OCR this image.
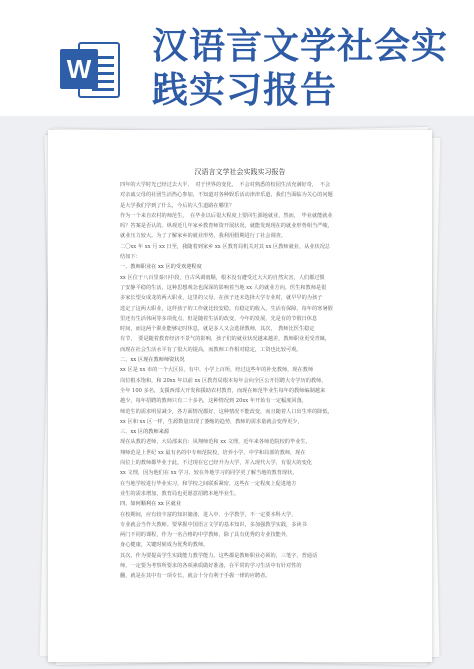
W
汉语言文学社会实践实习报告
汉语言文学社会实践实习报告

四年的大学时光已经过去大半，　对于世界的变化，　不会对熟悉的校园生活充满好奇，　不会

对亲戚父母的社团生活热心参加，不知道对各种娱乐活动津津乐道，我们当面临为关心的问题

是大学我们学到了什么，今后的人生道路在哪里？

作为一个来自农村的师范生，　在毕业以后很大程度上要回生源地就业，然而，　毕业就能就业

吗？答案是否认的。纵观近几年家乡教育师资开展状况，就能发现现在的就业形势相当严峻，

就业压力较大。为了了解家乡的就业形势，我利用假期进行了社会调查。

二〇xx 年 xx 月 xx 日至，我随着到家乡 xx 区教育局机关对其 xx 区教师就业，从业状况总

结如下：

一、教师职业在 xx 区的受欢迎程度

xx 区位于八百里秦川中段，自古风调雨顺，根本没有遭受过大大的自然灾害，人们都过惯

了安静平稳的生活，这种思想观念也深深的影响着当地 xx 人的就业方向。医生和教师是很

多家长望女成龙的两大职业，这里的父母，在孩子还未选择大学专业时，就早早的为孩子

选定了这两大职业，这样孩子的工作就比较安稳。有稳定的收入，生活有保障，每年的寒暑假

里还有生活休闲等多项优点，但是随着生活的改变，今年的发展，先是有的节假日休息

时间，而这两个职业能够定时休息，就是多人又会选择教师，其次，　教师比医生稳定

有节，　要是随着教育经济不景气的影响，孩子们的就业状况越来越差，教师职业更受青睐，

而现在社会生活水平有了很大的提高，而教师工作相对稳定，工资也比较可观。

二、xx 区现在教师师资状况

xx 区是 xx 市的一个大区县，有中、小学上百所，经过这些年的补充教师，现在教师

岗位根本饱和，和 20xx 年以前 xx 区教育局根本每年会向全区公开招聘大专学历的教师，

全年 100 多名，支援西部大开发和援助农村教育，而现在师范毕业生每年的教师编制越来

越少，每年招聘的教师只有二十多名，这种情况到 20xx 年开始有一定幅度回落，

师范生的需求明显减少，各方面情况都好，这种情况不能改变，而且随着人口出生率的降低，

xx 区和 xx 区一样，生源数量出现了萎缩的趋势，教师的需求量就会变得更少，

三、xx 区的教师来源

现在从教的老师，大局部来自：凤翔师范和 xx 文理，近年来各师范院校的毕业生，

翔师范是上世纪 xx 最有名的中专师范院校，培养小学、中学和局部的教师，现在

岗位上的教师都毕业于此，不过现在它已经升为大学，并入现代大学，有很大的变化

xx 文理，因为他们在 xx 学习，较在外地学习的同学更了解当地的教育现状，

在当地学校进行毕业实习，和学校之间联系紧密，这些在一定程度上促进地方

业生的需求增加，教育局也更愿意招聘本地毕业生。

四、如何顺利在 xx 区就业

在校期间，应有较丰富的知识储备，进入中、小学教学，不一定要本科大学，

专业就会当作大教师。要掌握中国语言文学的基本知识，多加强教学实践，多读书

两门不同的课程，作为一名合格的中学教师，除了具有优秀的专业技能外，

身心健康，关键时候成为优秀的教师。

其次，作为要提高学生实践能力教学能力。这些都是教师职业必须的，三笔字，普通话

师，一定要为考察所要求的各项素质做好准备，在平常的学习生活中有针对性的

翻，就是在其中有一项专长，就会十分有利于手握一律的应聘者。
